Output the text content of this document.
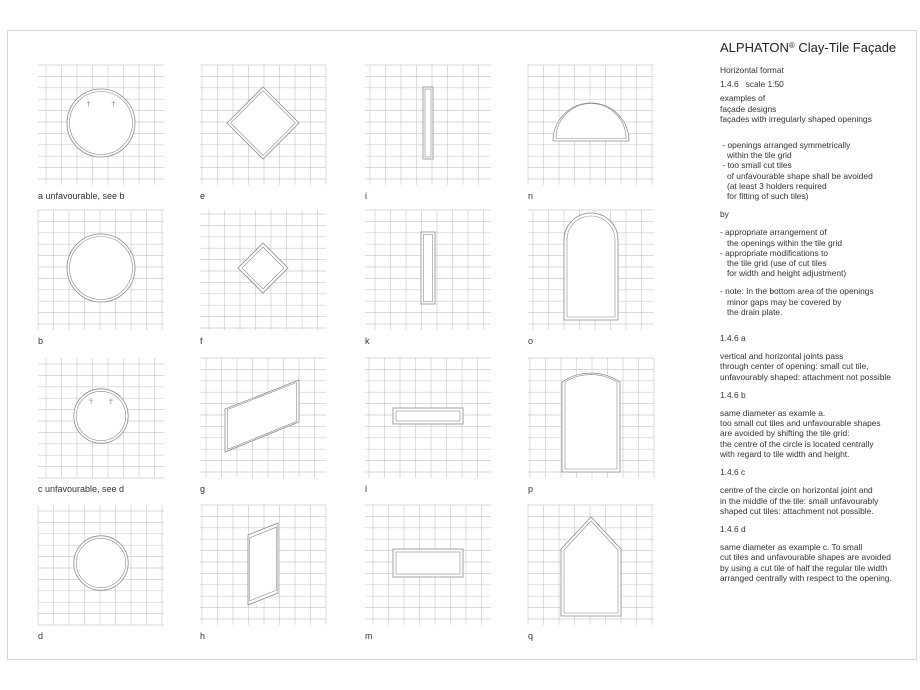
a unfavourable, see b	e	i	n
b	f	k	o
c unfavourable, see d	g	l	p
d	h	m	q
ALPHATON® Clay-Tile Façade
Horizontal format
1.4.6   scale 1:50
examples of
façade designs
façades with irregularly shaped openings
- openings arranged symmetrically
within the tile grid
- too small cut tiles
of unfavourable shape shall be avoided
(at least 3 holders required
for fitting of such tiles)
by
- appropriate arrangement of
the openings within the tile grid
- appropriate modifications to
the tile grid (use of cut tiles
for width and height adjustment)
- note: In the bottom area of the openings
minor gaps may be covered by
the drain plate.
1.4.6 a
vertical and horizontal joints pass
through center of opening: small cut tile,
unfavourably shaped: attachment not possible
1.4.6 b
same diameter as examle a.
too small cut tiles and unfavourable shapes
are avoided by shifting the tile grid:
the centre of the circle is located centrally
with regard to tile width and height.
1.4.6 c
centre of the circle on horizontal joint and
in the middle of the tile: small unfavourably
shaped cut tiles: attachment not possible.
1.4.6 d
same diameter as example c. To small
cut tiles and unfavourable shapes are avoided
by using a cut tile of half the regular tile width
arranged centrally with respect to the opening.
